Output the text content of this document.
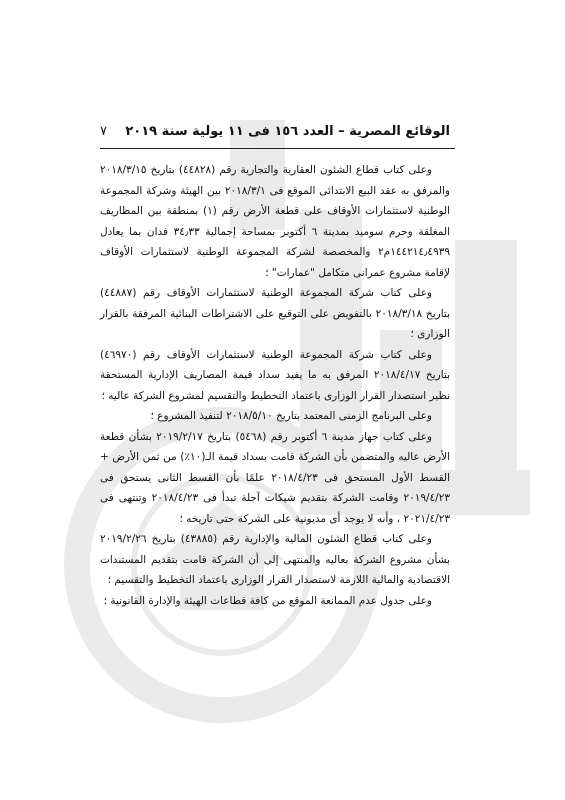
الوقائع المصرية – العدد ١٥٦ فى ١١ يولية سنة ٢٠١٩
٧

وعلى كتاب قطاع الشئون العقارية والتجارية رقم (٤٤٨٢٨) بتاريخ ٢٠١٨/٣/١٥ والمرفق به عقد البيع الابتدائى الموقع فى ٢٠١٨/٣/١ بين الهيئة وشركة المجموعة الوطنية لاستثمارات الأوقاف على قطعة الأرض رقم (١) بمنطقة بين المظاريف المغلقة وحرم سوميد بمدينة ٦ أكتوبر بمساحة إجمالية ٣٤٫٣٣ فدان بما يعادل ١٤٤٢١٤٫٤٩٣٩م٢ والمخصصة لشركة المجموعة الوطنية لاستثمارات الأوقاف لإقامة مشروع عمرانى متكامل "عمارات" ؛

وعلى كتاب شركة المجموعة الوطنية لاستثمارات الأوقاف رقم (٤٤٨٨٧) بتاريخ ٢٠١٨/٣/١٨ بالتفويض على التوقيع على الاشتراطات البنائية المرفقة بالقرار الوزارى ؛

وعلى كتاب شركة المجموعة الوطنية لاستثمارات الأوقاف رقم (٤٦٩٧٠) بتاريخ ٢٠١٨/٤/١٧ المرفق به ما يفيد سداد قيمة المصاريف الإدارية المستحقة نظير استصدار القرار الوزارى باعتماد التخطيط والتقسيم لمشروع الشركة عاليه ؛

وعلى البرنامج الزمنى المعتمد بتاريخ ٢٠١٨/٥/١٠ لتنفيذ المشروع ؛

وعلى كتاب جهاز مدينة ٦ أكتوبر رقم (٥٤٦٨) بتاريخ ٢٠١٩/٢/١٧ بشأن قطعة الأرض عاليه والمتضمن بأن الشركة قامت بسداد قيمة الـ(١٠٪) من ثمن الأرض + القسط الأول المستحق فى ٢٠١٨/٤/٢٣ علمًا بأن القسط الثانى يستحق فى ٢٠١٩/٤/٢٣ وقامت الشركة بتقديم شيكات آجلة تبدأ فى ٢٠١٨/٤/٢٣ وتنتهى فى ٢٠٢١/٤/٢٣ ، وأنه لا يوجد أى مديونية على الشركة حتى تاريخه ؛

وعلى كتاب قطاع الشئون المالية والإدارية رقم (٤٣٨٨٥) بتاريخ ٢٠١٩/٢/٢٦ بشأن مشروع الشركة بعاليه والمنتهى إلى أن الشركة قامت بتقديم المستندات الاقتصادية والمالية اللازمة لاستصدار القرار الوزارى باعتماد التخطيط والتقسيم ؛

وعلى جدول عدم الممانعة الموقع من كافة قطاعات الهيئة والإدارة القانونية ؛
